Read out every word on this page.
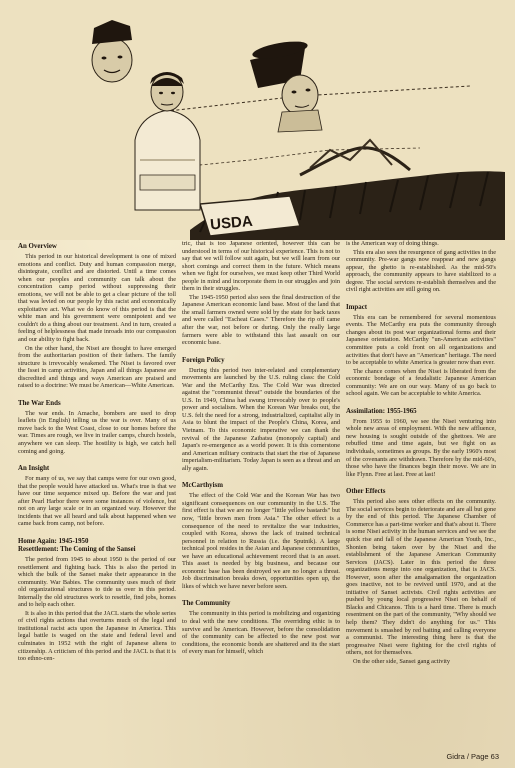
USDA
An Overview

This period in our historical development is one of mixed emotions and conflict. Duty and human compassion merge, disintegrate, conflict and are distorted. Until a time comes when our peoples and community can talk about the concentration camp period without suppressing their emotions, we will not be able to get a clear picture of the toll that was levied on our people by this racist and economically exploitative act. What we do know of this period is that the white man and his government were omnipotent and we couldn't do a thing about our treatment. And in turn, created a feeling of helplessness that made inroads into our compassion and our ability to fight back.

On the other hand, the Nisei are thought to have emerged from the authoritarian position of their fathers. The family structure is irrevocably weakened. The Nisei is favored over the Issei in camp activities, Japan and all things Japanese are discredited and things and ways American are praised and raised to a doctrine: We must be American—White American.

The War Ends

The war ends. In Amache, bombers are used to drop leaflets (in English) telling us the war is over. Many of us move back to the West Coast, close to our homes before the war. Times are rough, we live in trailer camps, church hostels, anywhere we can sleep. The hostility is high, we catch hell coming and going.

An Insight

For many of us, we say that camps were for our own good, that the people would have attacked us. What's true is that we have our time sequence mixed up. Before the war and just after Pearl Harbor there were some instances of violence, but not on any large scale or in an organized way. However the incidents that we all heard and talk about happened when we came back from camp, not before.

Home Again: 1945-1950
Resettlement: The Coming of the Sansei

The period from 1945 to about 1950 is the period of our resettlement and fighting back. This is also the period in which the bulk of the Sansei make their appearance in the community. War Babies. The community uses much of their old organizational structures to tide us over in this period. Internally the old structures work to resettle, find jobs, homes and to help each other.

It is also in this period that the JACL starts the whole series of civil rights actions that overturns much of the legal and institutional racist acts upon the Japanese in America. This legal battle is waged on the state and federal level and culminates in 1952 with the right of Japanese aliens to citizenship. A criticism of this period and the JACL is that it is too ethno-cen-

tric, that is too Japanese oriented, however this can be understood in terms of our historical experience. This is not to say that we will follow suit again, but we will learn from our short comings and correct them in the future. Which means when we fight for ourselves, we must keep other Third World people in mind and incorporate them in our struggles and join them in their struggles.

The 1945-1950 period also sees the final destruction of the Japanese American economic land base. Most of the land that the small farmers owned were sold by the state for back taxes and were called "Escheat Cases." Therefore the rip off came after the war, not before or during. Only the really large farmers were able to withstand this last assault on our economic base.

Foreign Policy

During this period two inter-related and complementary movements are launched by the U.S. ruling class: the Cold War and the McCarthy Era. The Cold War was directed against the "communist threat" outside the boundaries of the U.S. In 1949, China had swung irrevocably over to people's power and socialism. When the Korean War breaks out, the U.S. felt the need for a strong, industrialized, capitalist ally in Asia to blunt the impact of the People's China, Korea, and Vietnam. To this economic imperative we can thank the revival of the Japanese Zaibatsu (monopoly capital) and Japan's re-emergence as a world power. It is this cornerstone and American military contracts that start the rise of Japanese imperialism-militarism. Today Japan is seen as a threat and an ally again.

McCarthyism

The effect of the Cold War and the Korean War has two significant consequences on our community in the U.S. The first effect is that we are no longer "little yellow bastards" but now, "little brown men from Asia." The other effect is a consequence of the need to revitalize the war industries, coupled with Korea, shows the lack of trained technical personnel in relation to Russia (i.e. the Sputnik). A large technical pool resides in the Asian and Japanese communities, we have an educational achievement record that is an asset. This asset is needed by big business, and because our economic base has been destroyed we are no longer a threat. Job discrimination breaks down, opportunities open up, the likes of which we have never before seen.

The Community

The community in this period is mobilizing and organizing to deal with the new conditions. The overriding ethic is to survive and be American. However, before the consolidation of the community can be affected to the new post war conditions, the economic bonds are shattered and its the start of every man for himself, which

is the American way of doing things.

This era also sees the resurgence of gang activities in the community. Pre-war gangs now reappear and new gangs appear, the ghetto is re-established. As the mid-50's approach, the community appears to have stabilized to a degree. The social services re-establish themselves and the civil right activities are still going on.

Impact

This era can be remembered for several momentous events. The McCarthy era puts the community through changes about its post war organizational forms and their Japanese orientation. McCarthy "un-American activities" committee puts a cold front on all organizations and activities that don't have an "American" heritage. The need to be acceptable to white America is greater now than ever.

The chance comes when the Nisei is liberated from the economic bondage of a feudalistic Japanese American community: We are on our way. Many of us go back to school again. We can be acceptable to white America.

Assimilation: 1955-1965

From 1955 to 1960, we see the Nisei venturing into whole new areas of employment. With the new affluence, new housing is sought outside of the ghettoes. We are rebuffed time and time again, but we fight on as individuals, sometimes as groups. By the early 1960's most of the covenants are withdrawn. Therefore by the mid-60's, those who have the finances begin their move. We are in like Flynn. Free at last. Free at last!

Other Effects

This period also sees other effects on the community. The social services begin to deteriorate and are all but gone by the end of this period. The Japanese Chamber of Commerce has a part-time worker and that's about it. There is some Nisei activity in the human services and we see the quick rise and fall of the Japanese American Youth, Inc., Shonien being taken over by the Nisei and the establishment of the Japanese American Community Services (JACS). Later in this period the three organizations merge into one organization, that is JACS. However, soon after the amalgamation the organization goes inactive, not to be revived until 1970, and at the initiative of Sansei activists. Civil rights activities are pushed by young local progressive Nisei on behalf of Blacks and Chicanos. This is a hard time. There is much resentment on the part of the community, "Why should we help them? They didn't do anything for us." This movement is smashed by red baiting and calling everyone a communist. The interesting thing here is that the progressive Nisei were fighting for the civil rights of others, not for themselves.

On the other side, Sansei gang activity

Gidra / Page 63
